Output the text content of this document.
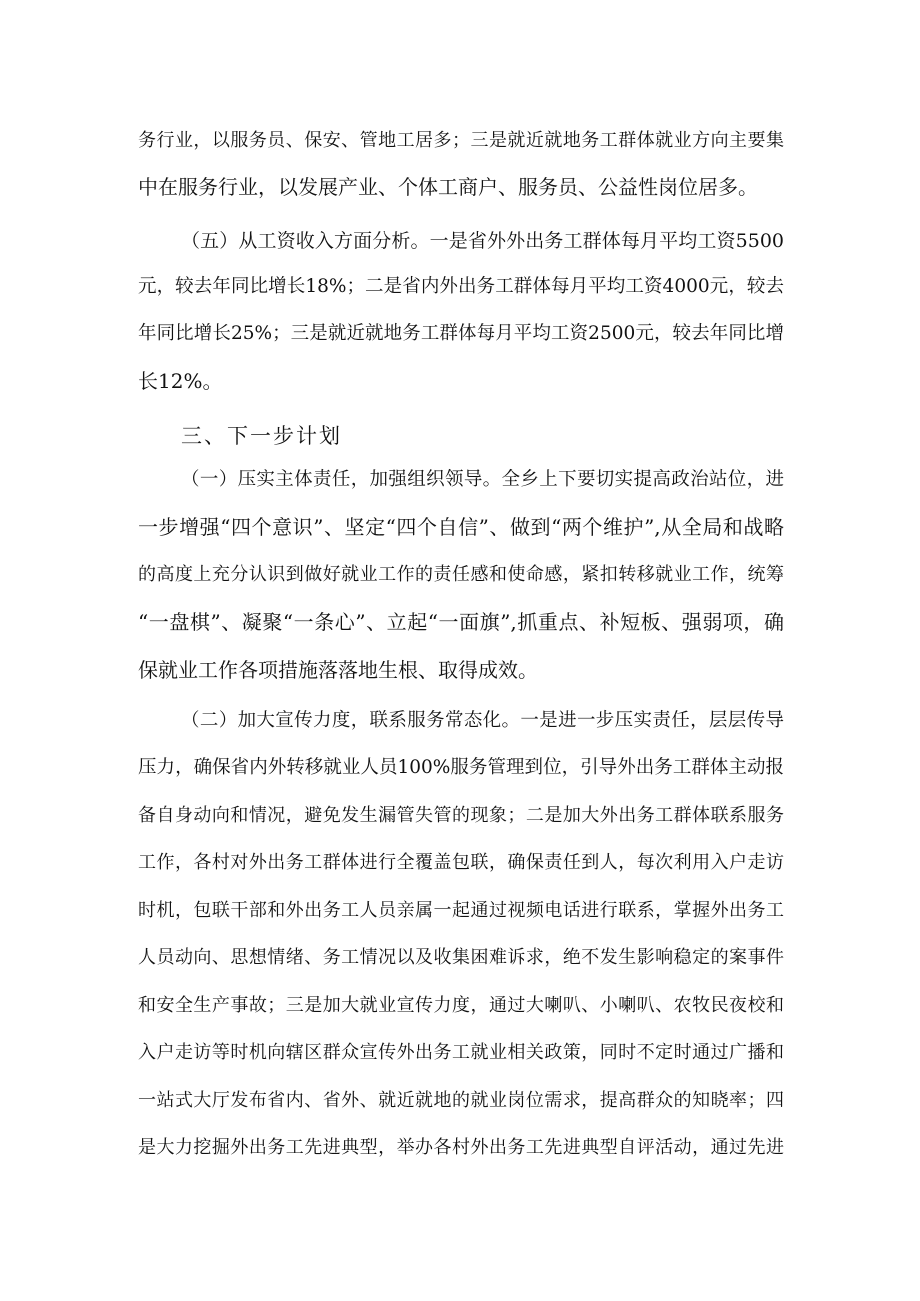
务行业，以服务员、保安、管地工居多；三是就近就地务工群体就业方向主要集

中在服务行业，以发展产业、个体工商户、服务员、公益性岗位居多。

（五）从工资收入方面分析。一是省外外出务工群体每月平均工资5500

元，较去年同比增长18%；二是省内外出务工群体每月平均工资4000元，较去

年同比增长25%；三是就近就地务工群体每月平均工资2500元，较去年同比增

长12%。

三、下一步计划

（一）压实主体责任，加强组织领导。全乡上下要切实提高政治站位，进

一步增强“四个意识”、坚定“四个自信”、做到“两个维护”,从全局和战略

的高度上充分认识到做好就业工作的责任感和使命感，紧扣转移就业工作，统筹

“一盘棋”、凝聚“一条心”、立起“一面旗”,抓重点、补短板、强弱项，确

保就业工作各项措施落落地生根、取得成效。

（二）加大宣传力度，联系服务常态化。一是进一步压实责任，层层传导

压力，确保省内外转移就业人员100%服务管理到位，引导外出务工群体主动报

备自身动向和情况，避免发生漏管失管的现象；二是加大外出务工群体联系服务

工作，各村对外出务工群体进行全覆盖包联，确保责任到人，每次利用入户走访

时机，包联干部和外出务工人员亲属一起通过视频电话进行联系，掌握外出务工

人员动向、思想情绪、务工情况以及收集困难诉求，绝不发生影响稳定的案事件

和安全生产事故；三是加大就业宣传力度，通过大喇叭、小喇叭、农牧民夜校和

入户走访等时机向辖区群众宣传外出务工就业相关政策，同时不定时通过广播和

一站式大厅发布省内、省外、就近就地的就业岗位需求，提高群众的知晓率；四

是大力挖掘外出务工先进典型，举办各村外出务工先进典型自评活动，通过先进
